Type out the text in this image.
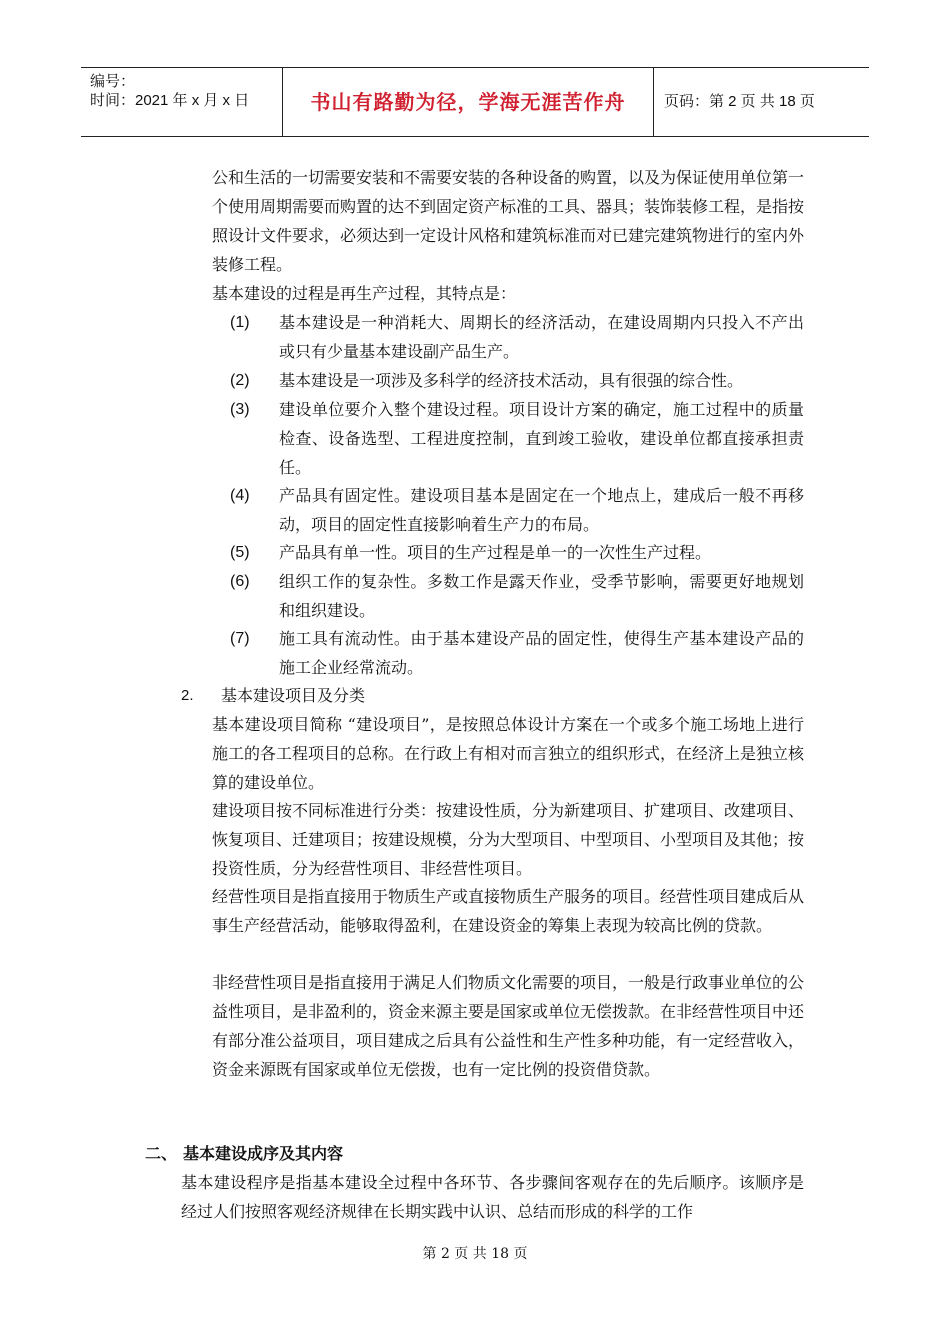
编号：
时间：2021 年 x 月 x 日	书山有路勤为径，学海无涯苦作舟	页码：第 2 页 共 18 页
公和生活的一切需要安装和不需要安装的各种设备的购置，以及为保证使用单位第一个使用周期需要而购置的达不到固定资产标准的工具、器具；装饰装修工程，是指按照设计文件要求，必须达到一定设计风格和建筑标准而对已建完建筑物进行的室内外装修工程。
基本建设的过程是再生产过程，其特点是：
(1) 基本建设是一种消耗大、周期长的经济活动，在建设周期内只投入不产出或只有少量基本建设副产品生产。
(2) 基本建设是一项涉及多科学的经济技术活动，具有很强的综合性。
(3) 建设单位要介入整个建设过程。项目设计方案的确定，施工过程中的质量检查、设备选型、工程进度控制，直到竣工验收，建设单位都直接承担责任。
(4) 产品具有固定性。建设项目基本是固定在一个地点上，建成后一般不再移动，项目的固定性直接影响着生产力的布局。
(5) 产品具有单一性。项目的生产过程是单一的一次性生产过程。
(6) 组织工作的复杂性。多数工作是露天作业，受季节影响，需要更好地规划和组织建设。
(7) 施工具有流动性。由于基本建设产品的固定性，使得生产基本建设产品的施工企业经常流动。
2. 基本建设项目及分类
基本建设项目简称 “建设项目”，是按照总体设计方案在一个或多个施工场地上进行施工的各工程项目的总称。在行政上有相对而言独立的组织形式，在经济上是独立核算的建设单位。
建设项目按不同标准进行分类：按建设性质，分为新建项目、扩建项目、改建项目、恢复项目、迁建项目；按建设规模，分为大型项目、中型项目、小型项目及其他；按投资性质，分为经营性项目、非经营性项目。
经营性项目是指直接用于物质生产或直接物质生产服务的项目。经营性项目建成后从事生产经营活动，能够取得盈利，在建设资金的筹集上表现为较高比例的贷款。
非经营性项目是指直接用于满足人们物质文化需要的项目，一般是行政事业单位的公益性项目，是非盈利的，资金来源主要是国家或单位无偿拨款。在非经营性项目中还有部分准公益项目，项目建成之后具有公益性和生产性多种功能，有一定经营收入，资金来源既有国家或单位无偿拨，也有一定比例的投资借贷款。
二、 基本建设成序及其内容
基本建设程序是指基本建设全过程中各环节、各步骤间客观存在的先后顺序。该顺序是经过人们按照客观经济规律在长期实践中认识、总结而形成的科学的工作
第 2 页 共 18 页
